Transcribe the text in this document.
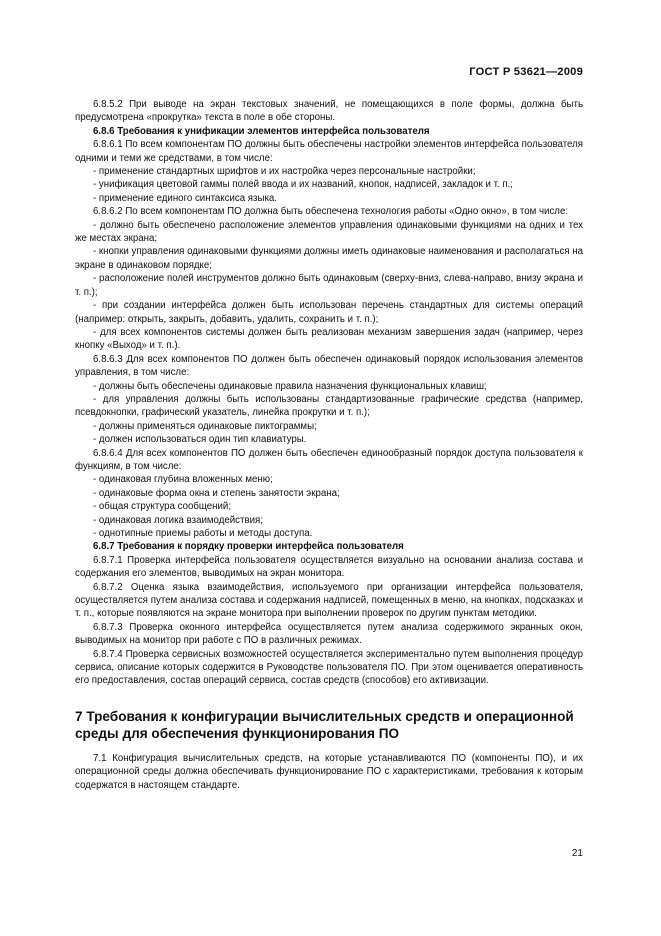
ГОСТ Р 53621—2009

6.8.5.2 При выводе на экран текстовых значений, не помещающихся в поле формы, должна быть предусмотрена «прокрутка» текста в поле в обе стороны.

6.8.6 Требования к унификации элементов интерфейса пользователя

6.8.6.1 По всем компонентам ПО должны быть обеспечены настройки элементов интерфейса пользователя одними и теми же средствами, в том числе:

- применение стандартных шрифтов и их настройка через персональные настройки;

- унификация цветовой гаммы полей ввода и их названий, кнопок, надписей, закладок и т. п.;

- применение единого синтаксиса языка.

6.8.6.2 По всем компонентам ПО должна быть обеспечена технология работы «Одно окно», в том числе:

- должно быть обеспечено расположение элементов управления одинаковыми функциями на одних и тех же местах экрана;

- кнопки управления одинаковыми функциями должны иметь одинаковые наименования и располагаться на экране в одинаковом порядке;

- расположение полей инструментов должно быть одинаковым (сверху-вниз, слева-направо, внизу экрана и т. п.);

- при создании интерфейса должен быть использован перечень стандартных для системы операций (например: открыть, закрыть, добавить, удалить, сохранить и т. п.);

- для всех компонентов системы должен быть реализован механизм завершения задач (например, через кнопку «Выход» и т. п.).

6.8.6.3 Для всех компонентов ПО должен быть обеспечен одинаковый порядок использования элементов управления, в том числе:

- должны быть обеспечены одинаковые правила назначения функциональных клавиш;

- для управления должны быть использованы стандартизованные графические средства (например, псевдокнопки, графический указатель, линейка прокрутки и т. п.);

- должны применяться одинаковые пиктограммы;

- должен использоваться один тип клавиатуры.

6.8.6.4 Для всех компонентов ПО должен быть обеспечен единообразный порядок доступа пользователя к функциям, в том числе:

- одинаковая глубина вложенных меню;

- одинаковые форма окна и степень занятости экрана;

- общая структура сообщений;

- одинаковая логика взаимодействия;

- однотипные приемы работы и методы доступа.

6.8.7 Требования к порядку проверки интерфейса пользователя

6.8.7.1 Проверка интерфейса пользователя осуществляется визуально на основании анализа состава и содержания его элементов, выводимых на экран монитора.

6.8.7.2 Оценка языка взаимодействия, используемого при организации интерфейса пользователя, осуществляется путем анализа состава и содержания надписей, помещенных в меню, на кнопках, подсказках и т. п., которые появляются на экране монитора при выполнении проверок по другим пунктам методики.

6.8.7.3 Проверка оконного интерфейса осуществляется путем анализа содержимого экранных окон, выводимых на монитор при работе с ПО в различных режимах.

6.8.7.4 Проверка сервисных возможностей осуществляется экспериментально путем выполнения процедур сервиса, описание которых содержится в Руководстве пользователя ПО. При этом оценивается оперативность его предоставления, состав операций сервиса, состав средств (способов) его активизации.

7 Требования к конфигурации вычислительных средств и операционной среды для обеспечения функционирования ПО

7.1 Конфигурация вычислительных средств, на которые устанавливаются ПО (компоненты ПО), и их операционной среды должна обеспечивать функционирование ПО с характеристиками, требования к которым содержатся в настоящем стандарте.

21
